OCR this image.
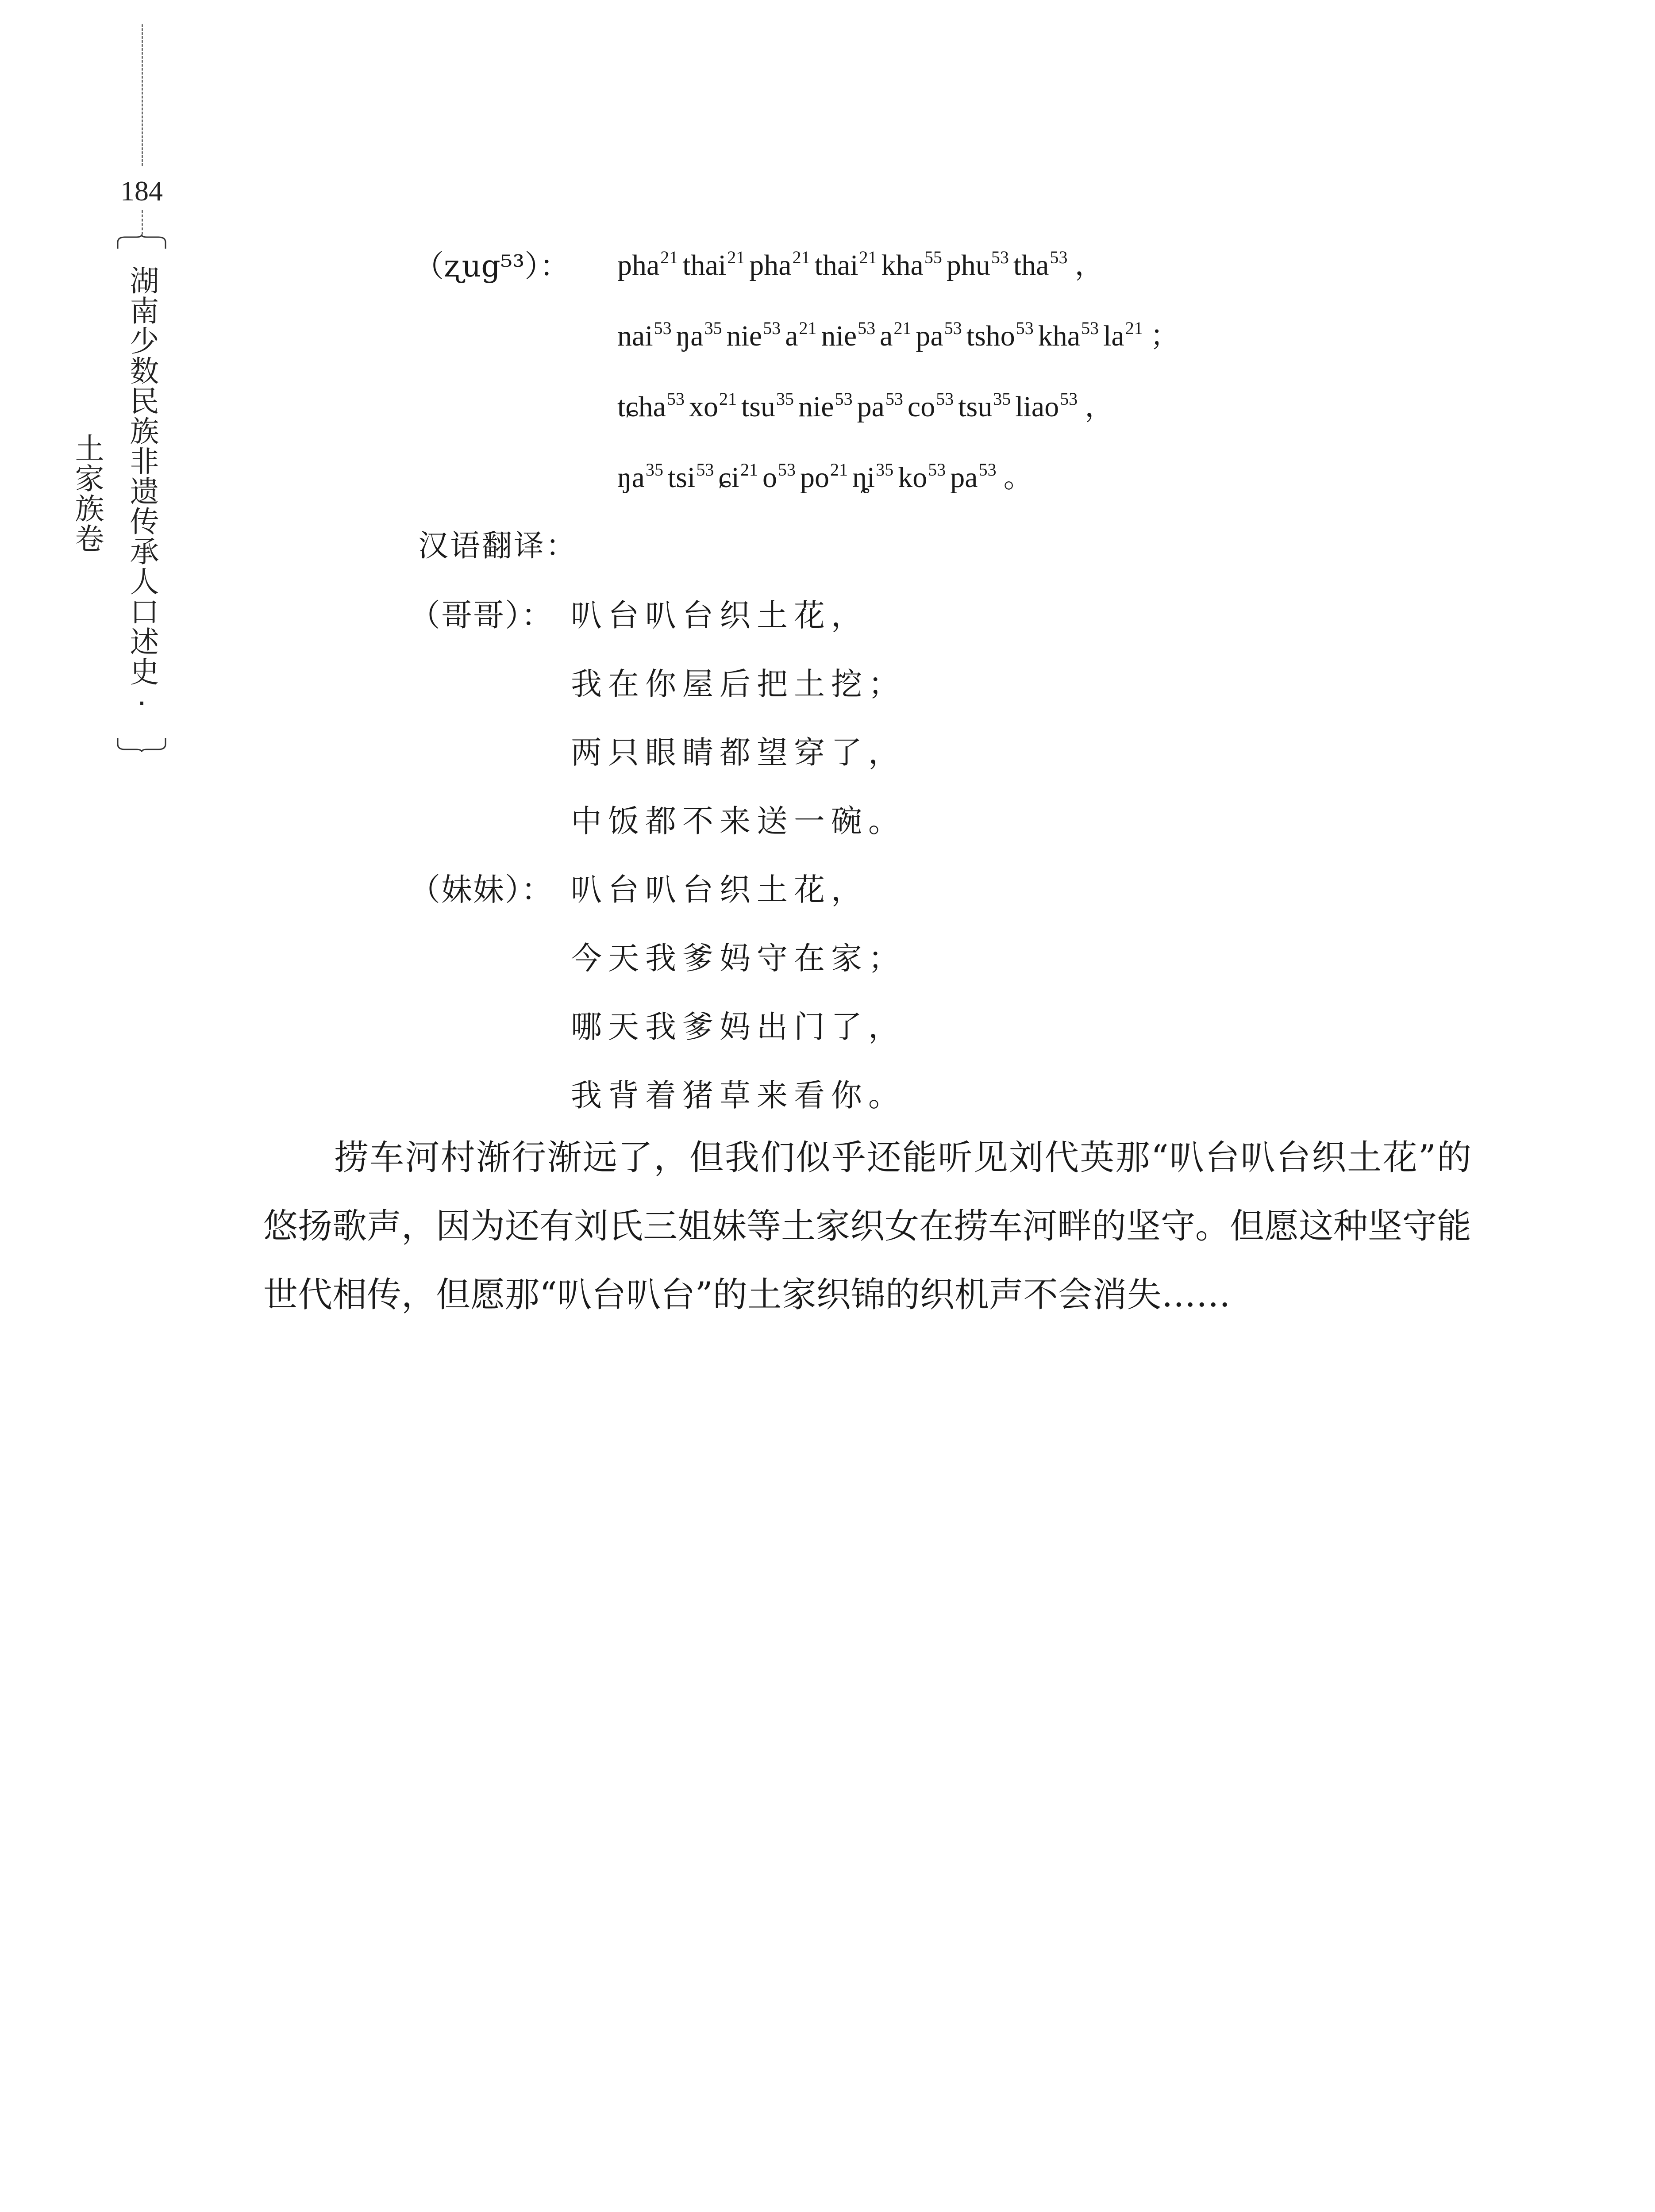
184
湖南少数民族非遗传承人口述史·土家族卷
（ʐug⁵³）： pha$^{21}$ thai$^{21}$ pha$^{21}$ thai$^{21}$ kha$^{55}$ phu$^{53}$ tha$^{53}$ ，
nai$^{53}$ $ŋa^{35}$ nie$^{53}$ $a^{21}$ nie$^{53}$ $a^{21}$ $pa^{53}$ tsho$^{53}$ kha$^{53}$ $la^{21}$ ；
tɕha$^{53}$ $xo^{21}$ tsu$^{35}$ nie$^{53}$ $pa^{53}$ $co^{53}$ tsu$^{35}$ liao$^{53}$ ，
$ŋa^{35}$ tsi$^{53}$ ɕi$^{21}$ $o^{53}$ $po^{21}$ $ȵi^{35}$ $ko^{53}$ $pa^{53}$ 。
汉语翻译：
（哥哥）： 叭台叭台织土花，
我在你屋后把土挖；
两只眼睛都望穿了，
中饭都不来送一碗。
（妹妹）： 叭台叭台织土花，
今天我爹妈守在家；
哪天我爹妈出门了，
我背着猪草来看你。

捞车河村渐行渐远了，但我们似乎还能听见刘代英那“叭台叭台织土花”的悠扬歌声，因为还有刘氏三姐妹等土家织女在捞车河畔的坚守。但愿这种坚守能世代相传，但愿那“叭台叭台”的土家织锦的织机声不会消失……
